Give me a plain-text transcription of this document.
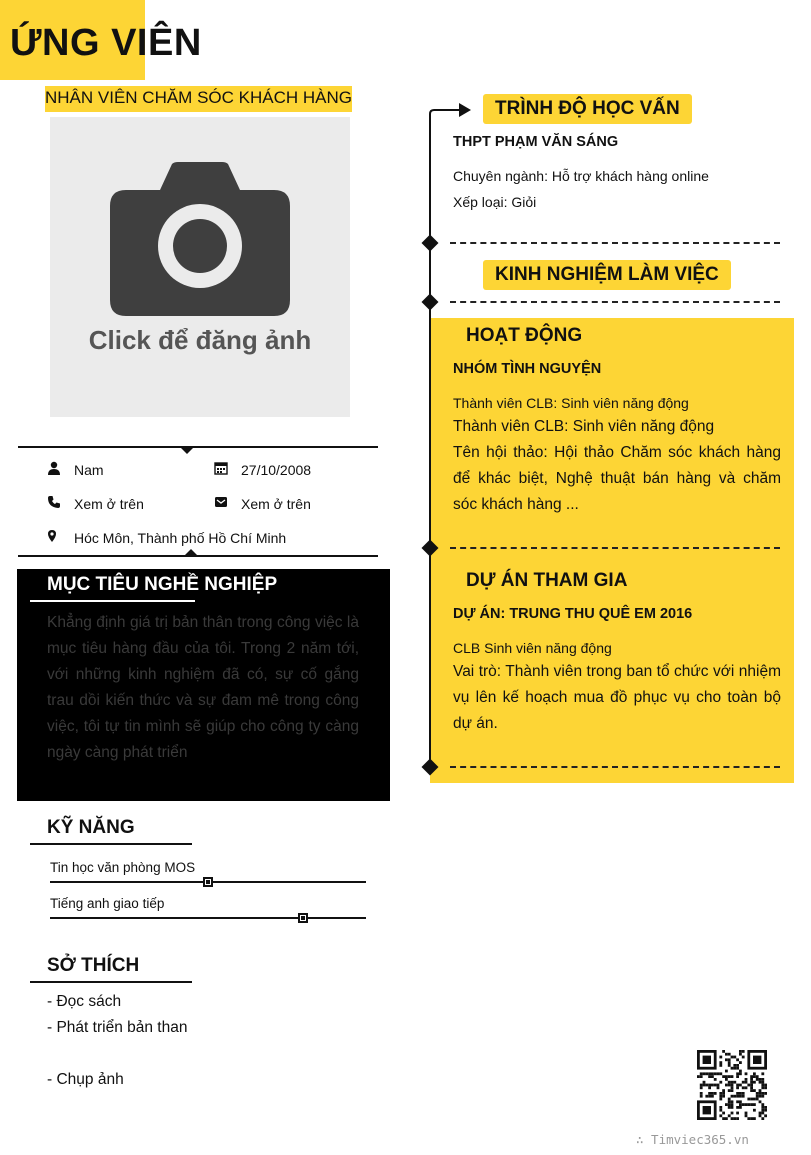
ỨNG VIÊN
NHÂN VIÊN CHĂM SÓC KHÁCH HÀNG
Click để đăng ảnh
Nam	27/10/2008
Xem ở trên	Xem ở trên
Hóc Môn, Thành phố Hồ Chí Minh
MỤC TIÊU NGHỀ NGHIỆP
Khẳng định giá trị bản thân trong công việc là mục tiêu hàng đầu của tôi. Trong 2 năm tới, với những kinh nghiệm đã có, sự cố gắng trau dồi kiến thức và sự đam mê trong công việc, tôi tự tin mình sẽ giúp cho công ty càng ngày càng phát triển
KỸ NĂNG
Tin học văn phòng MOS
Tiếng anh giao tiếp
SỞ THÍCH
- Đọc sách
- Phát triển bản than
- Chụp ảnh
TRÌNH ĐỘ HỌC VẤN
THPT PHẠM VĂN SÁNG
Chuyên ngành: Hỗ trợ khách hàng online
Xếp loại: Giỏi
KINH NGHIỆM LÀM VIỆC
HOẠT ĐỘNG
NHÓM TÌNH NGUYỆN
Thành viên CLB: Sinh viên năng động
Thành viên CLB: Sinh viên năng động
Tên hội thảo: Hội thảo Chăm sóc khách hàng để khác biệt, Nghệ thuật bán hàng và chăm sóc khách hàng ...
DỰ ÁN THAM GIA
DỰ ÁN: TRUNG THU QUÊ EM 2016
CLB Sinh viên năng động
Vai trò: Thành viên trong ban tổ chức với nhiệm vụ lên kế hoạch mua đồ phục vụ cho toàn bộ dự án.
∴ Timviec365.vn
